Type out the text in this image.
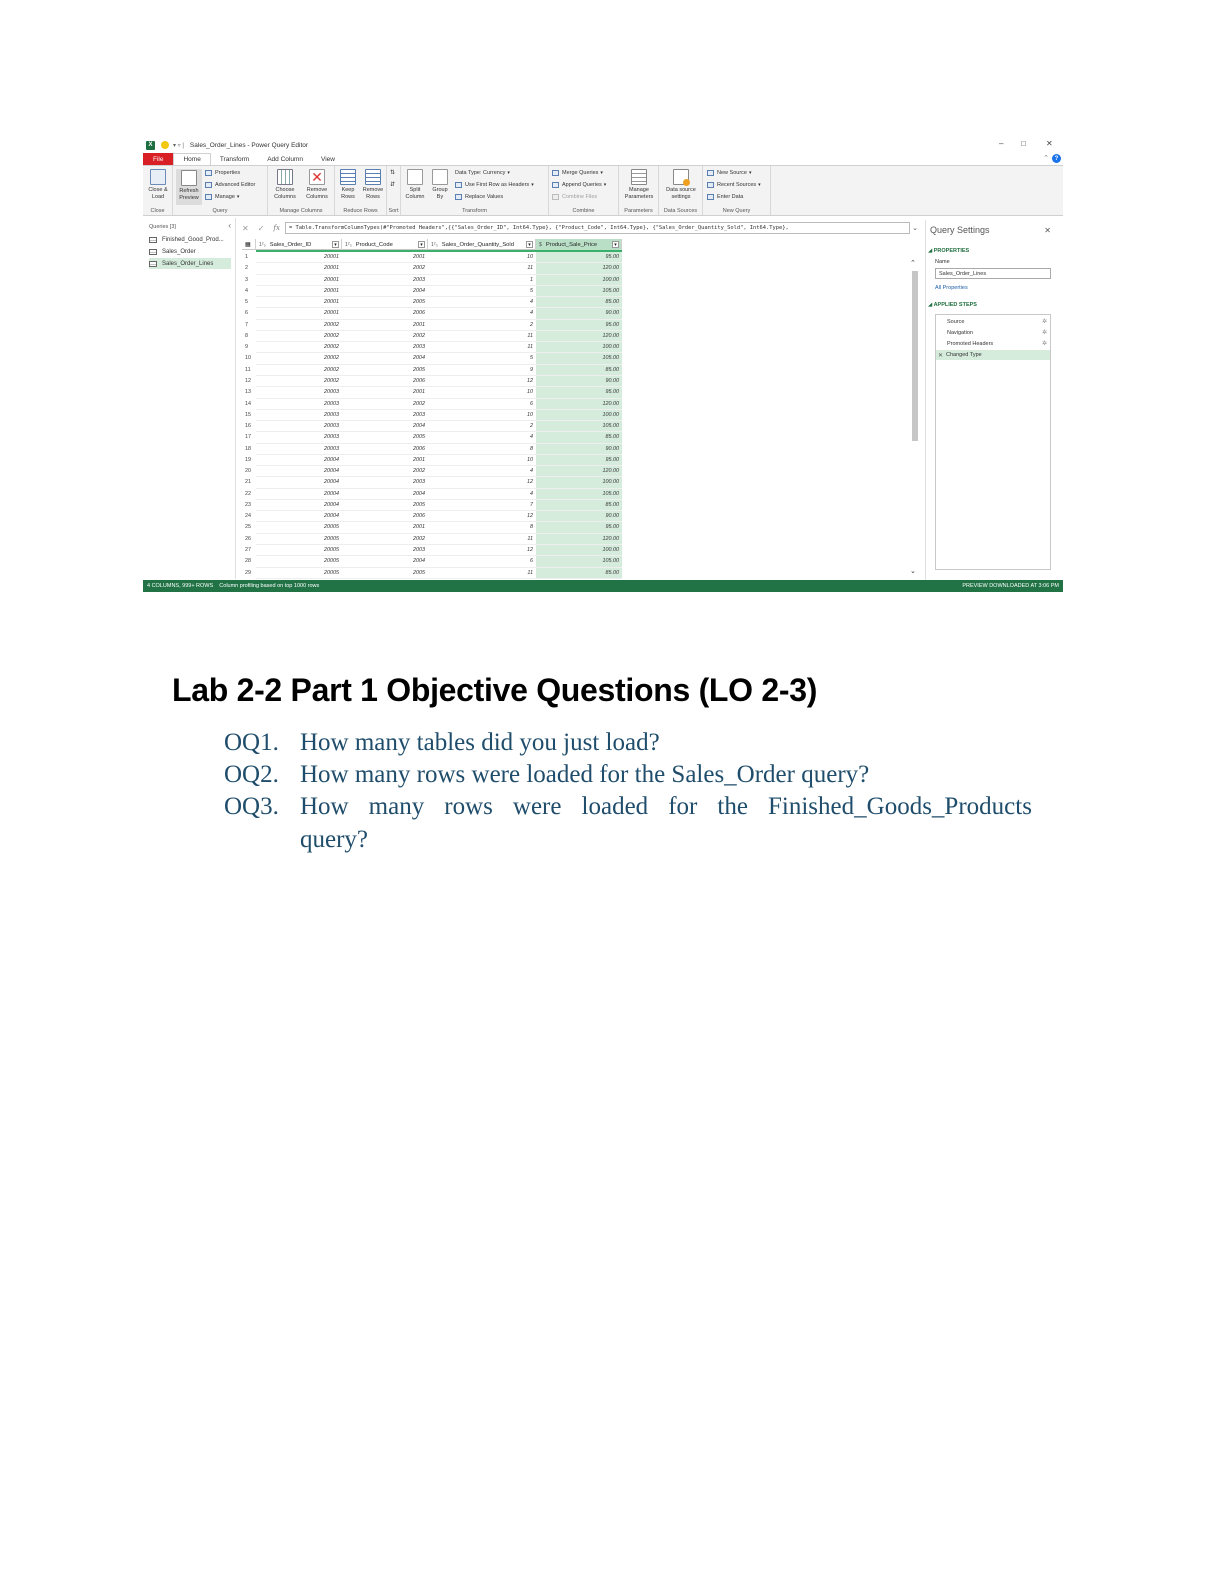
X	▾ ▿ | Sales_Order_Lines - Power Query Editor	– □	✕
File	Home	Transform	Add Column	View	⌃ ?
Close & Load
Close
Refresh Preview
Properties
Advanced Editor
Manage ▾
Query
Choose Columns
✕
Remove Columns
Manage Columns
Keep Rows
Remove Rows
Reduce Rows
⇅
⇵
Sort
Split Column
Group By
Data Type: Currency ▾
Use First Row as Headers ▾
Replace Values
Transform
Merge Queries ▾
Append Queries ▾
Combine Files
Combine
Manage Parameters
Parameters
Data source settings
Data Sources
New Source ▾
Recent Sources ▾
Enter Data
New Query
Queries [3]	‹
Finished_Good_Prod...
Sales_Order
Sales_Order_Lines
✕ ✓ fx	= Table.TransformColumnTypes(#"Promoted Headers",{{"Sales_Order_ID", Int64.Type}, {"Product_Code", Int64.Type}, {"Sales_Order_Quantity_Sold", Int64.Type},	⌄
▦ 1²₃ Sales_Order_ID	▾	1²₃ Product_Code	▾	1²₃ Sales_Order_Quantity_Sold	▾	$ Product_Sale_Price	▾
1	20001	2001	10	95.00
2	20001	2002	11	120.00
3	20001	2003	1	100.00
4	20001	2004	5	105.00
5	20001	2005	4	85.00
6	20001	2006	4	90.00
7	20002	2001	2	95.00
8	20002	2002	11	120.00
9	20002	2003	11	100.00
10	20002	2004	5	105.00
11	20002	2005	9	85.00
12	20002	2006	12	90.00
13	20003	2001	10	95.00
14	20003	2002	6	120.00
15	20003	2003	10	100.00
16	20003	2004	2	105.00
17	20003	2005	4	85.00
18	20003	2006	8	90.00
19	20004	2001	10	95.00
20	20004	2002	4	120.00
21	20004	2003	12	100.00
22	20004	2004	4	105.00
23	20004	2005	7	85.00
24	20004	2006	12	90.00
25	20005	2001	8	95.00
26	20005	2002	11	120.00
27	20005	2003	12	100.00
28	20005	2004	6	105.00
29	20005	2005	11	85.00
⌃
⌄
Query Settings	✕
◢ PROPERTIES
Name
Sales_Order_Lines
All Properties
◢ APPLIED STEPS
Source	✲
Navigation	✲
Promoted Headers	✲
✕ Changed Type
4 COLUMNS, 999+ ROWS    Column profiling based on top 1000 rows	PREVIEW DOWNLOADED AT 3:06 PM
Lab 2-2 Part 1 Objective Questions (LO 2-3)
OQ1. How many tables did you just load?
OQ2. How many rows were loaded for the Sales_Order query?
OQ3. How many rows were loaded for the Finished_Goods_Products
query?
